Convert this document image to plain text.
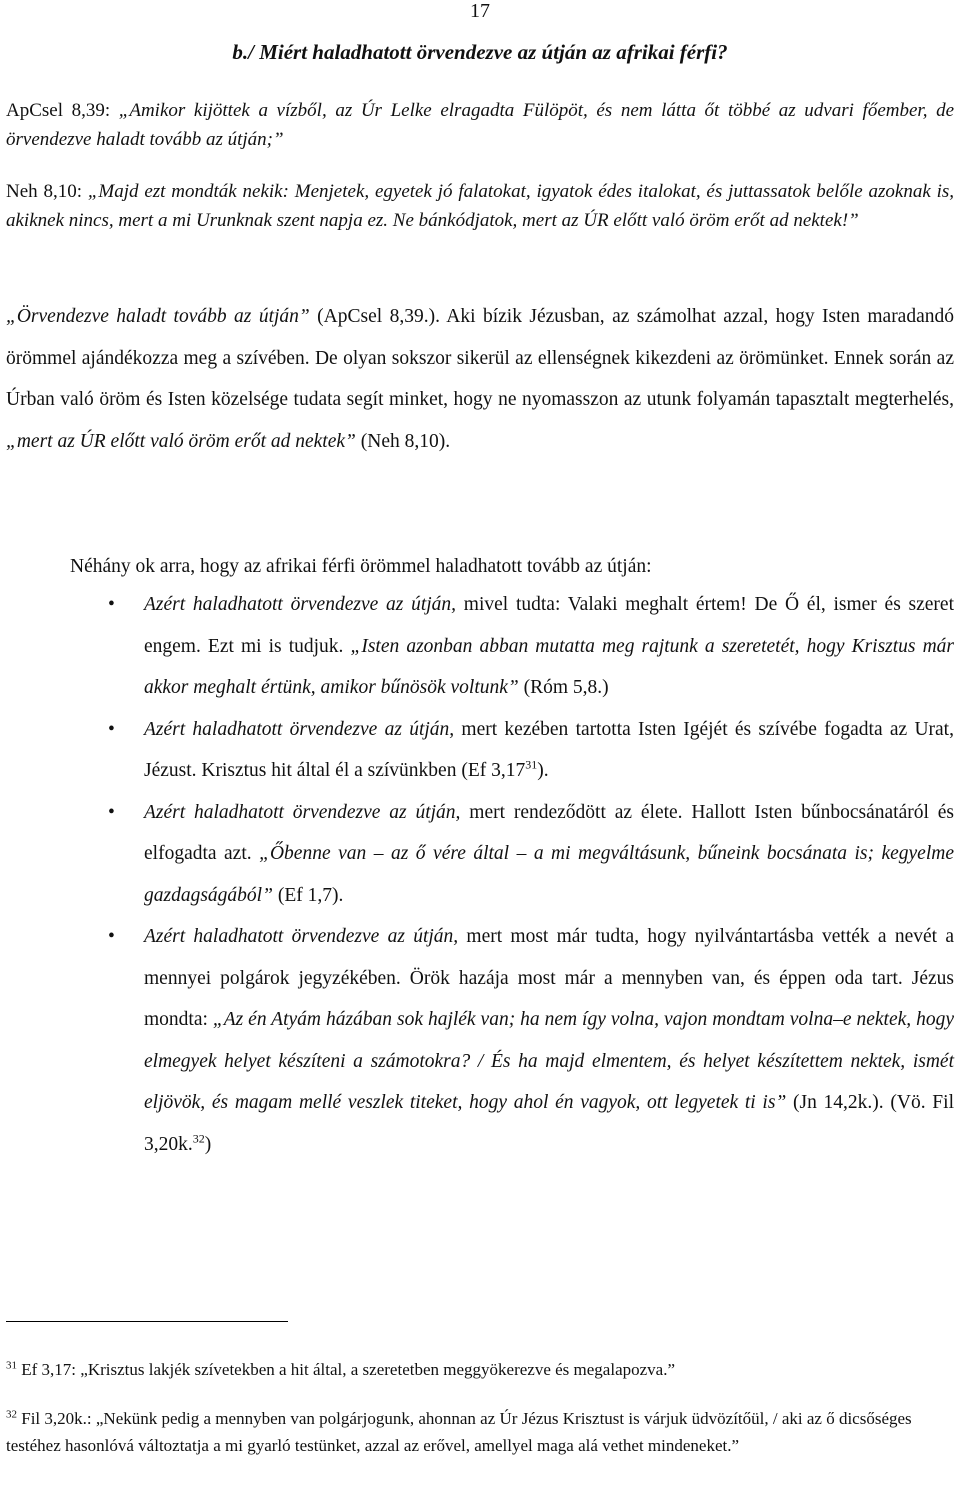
17
b./ Miért haladhatott örvendezve az útján az afrikai férfi?
ApCsel 8,39: „Amikor kijöttek a vízből, az Úr Lelke elragadta Fülöpöt, és nem látta őt többé az udvari főember, de örvendezve haladt tovább az útján;”
Neh 8,10: „Majd ezt mondták nekik: Menjetek, egyetek jó falatokat, igyatok édes italokat, és juttassatok belőle azoknak is, akiknek nincs, mert a mi Urunknak szent napja ez. Ne bánkódjatok, mert az ÚR előtt való öröm erőt ad nektek!”
„Örvendezve haladt tovább az útján” (ApCsel 8,39.). Aki bízik Jézusban, az számolhat azzal, hogy Isten maradandó örömmel ajándékozza meg a szívében. De olyan sokszor sikerül az ellenségnek kikezdeni az örömünket. Ennek során az Úrban való öröm és Isten közelsége tudata segít minket, hogy ne nyomasszon az utunk folyamán tapasztalt megterhelés, „mert az ÚR előtt való öröm erőt ad nektek” (Neh 8,10).
Néhány ok arra, hogy az afrikai férfi örömmel haladhatott tovább az útján:
• Azért haladhatott örvendezve az útján, mivel tudta: Valaki meghalt értem! De Ő él, ismer és szeret engem. Ezt mi is tudjuk. „Isten azonban abban mutatta meg rajtunk a szeretetét, hogy Krisztus már akkor meghalt értünk, amikor bűnösök voltunk” (Róm 5,8.)
• Azért haladhatott örvendezve az útján, mert kezében tartotta Isten Igéjét és szívébe fogadta az Urat, Jézust. Krisztus hit által él a szívünkben (Ef 3,17$^{31}$).
• Azért haladhatott örvendezve az útján, mert rendeződött az élete. Hallott Isten bűnbocsánatáról és elfogadta azt. „Őbenne van – az ő vére által – a mi megváltásunk, bűneink bocsánata is; kegyelme gazdagságából” (Ef 1,7).
• Azért haladhatott örvendezve az útján, mert most már tudta, hogy nyilvántartásba vették a nevét a mennyei polgárok jegyzékében. Örök hazája most már a mennyben van, és éppen oda tart. Jézus mondta: „Az én Atyám házában sok hajlék van; ha nem így volna, vajon mondtam volna–e nektek, hogy elmegyek helyet készíteni a számotokra? / És ha majd elmentem, és helyet készítettem nektek, ismét eljövök, és magam mellé veszlek titeket, hogy ahol én vagyok, ott legyetek ti is” (Jn 14,2k.). (Vö. Fil 3,20k.$^{32}$)
$^{31}$ Ef 3,17: „Krisztus lakjék szívetekben a hit által, a szeretetben meggyökerezve és megalapozva.”
$^{32}$ Fil 3,20k.: „Nekünk pedig a mennyben van polgárjogunk, ahonnan az Úr Jézus Krisztust is várjuk üdvözítőül, / aki az ő dicsőséges testéhez hasonlóvá változtatja a mi gyarló testünket, azzal az erővel, amellyel maga alá vethet mindeneket.”
